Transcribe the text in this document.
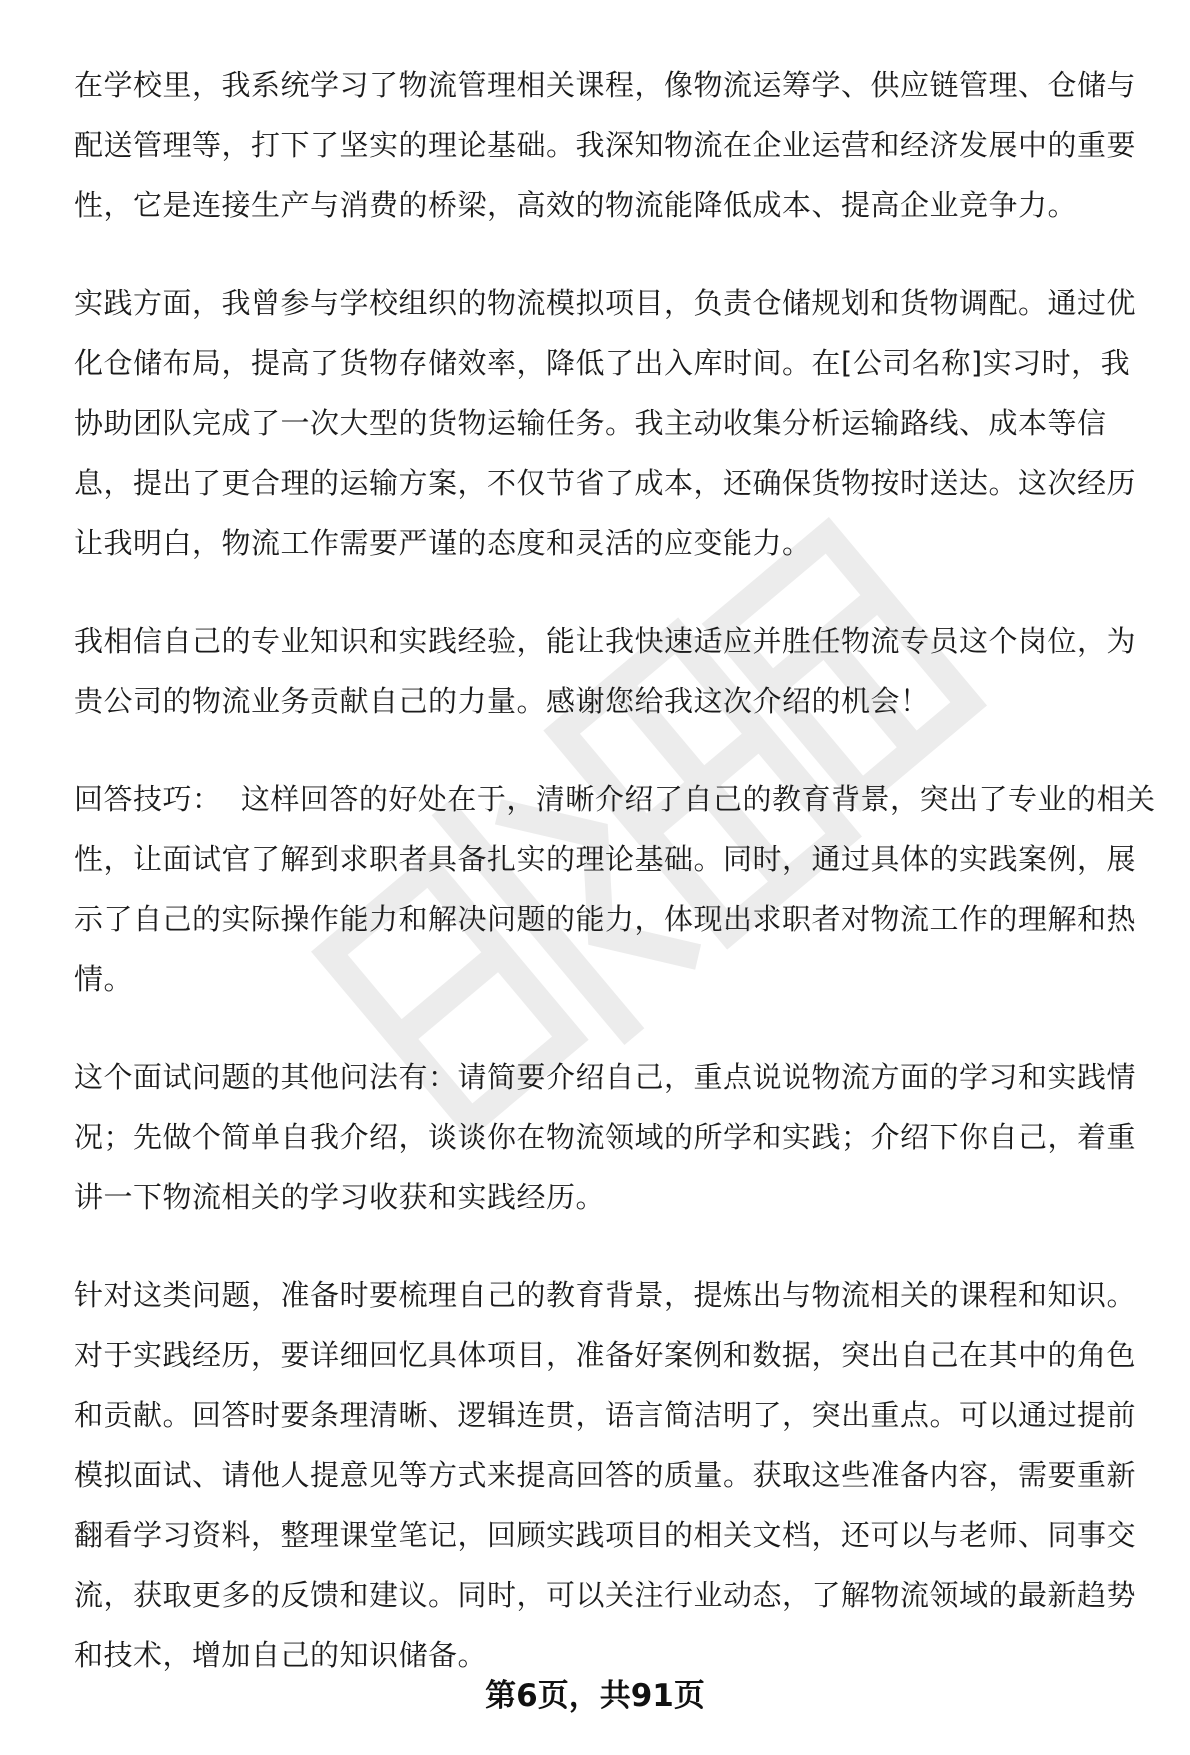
在学校里，我系统学习了物流管理相关课程，像物流运筹学、供应链管理、仓储与
配送管理等，打下了坚实的理论基础。我深知物流在企业运营和经济发展中的重要
性，它是连接生产与消费的桥梁，高效的物流能降低成本、提高企业竞争力。

实践方面，我曾参与学校组织的物流模拟项目，负责仓储规划和货物调配。通过优
化仓储布局，提高了货物存储效率，降低了出入库时间。在[公司名称]实习时，我
协助团队完成了一次大型的货物运输任务。我主动收集分析运输路线、成本等信
息，提出了更合理的运输方案，不仅节省了成本，还确保货物按时送达。这次经历
让我明白，物流工作需要严谨的态度和灵活的应变能力。

我相信自己的专业知识和实践经验，能让我快速适应并胜任物流专员这个岗位，为
贵公司的物流业务贡献自己的力量。感谢您给我这次介绍的机会！

回答技巧：  这样回答的好处在于，清晰介绍了自己的教育背景，突出了专业的相关
性，让面试官了解到求职者具备扎实的理论基础。同时，通过具体的实践案例，展
示了自己的实际操作能力和解决问题的能力，体现出求职者对物流工作的理解和热
情。

这个面试问题的其他问法有：请简要介绍自己，重点说说物流方面的学习和实践情
况；先做个简单自我介绍，谈谈你在物流领域的所学和实践；介绍下你自己，着重
讲一下物流相关的学习收获和实践经历。

针对这类问题，准备时要梳理自己的教育背景，提炼出与物流相关的课程和知识。
对于实践经历，要详细回忆具体项目，准备好案例和数据，突出自己在其中的角色
和贡献。回答时要条理清晰、逻辑连贯，语言简洁明了，突出重点。可以通过提前
模拟面试、请他人提意见等方式来提高回答的质量。获取这些准备内容，需要重新
翻看学习资料，整理课堂笔记，回顾实践项目的相关文档，还可以与老师、同事交
流，获取更多的反馈和建议。同时，可以关注行业动态，了解物流领域的最新趋势
和技术，增加自己的知识储备。

第6页，共91页
